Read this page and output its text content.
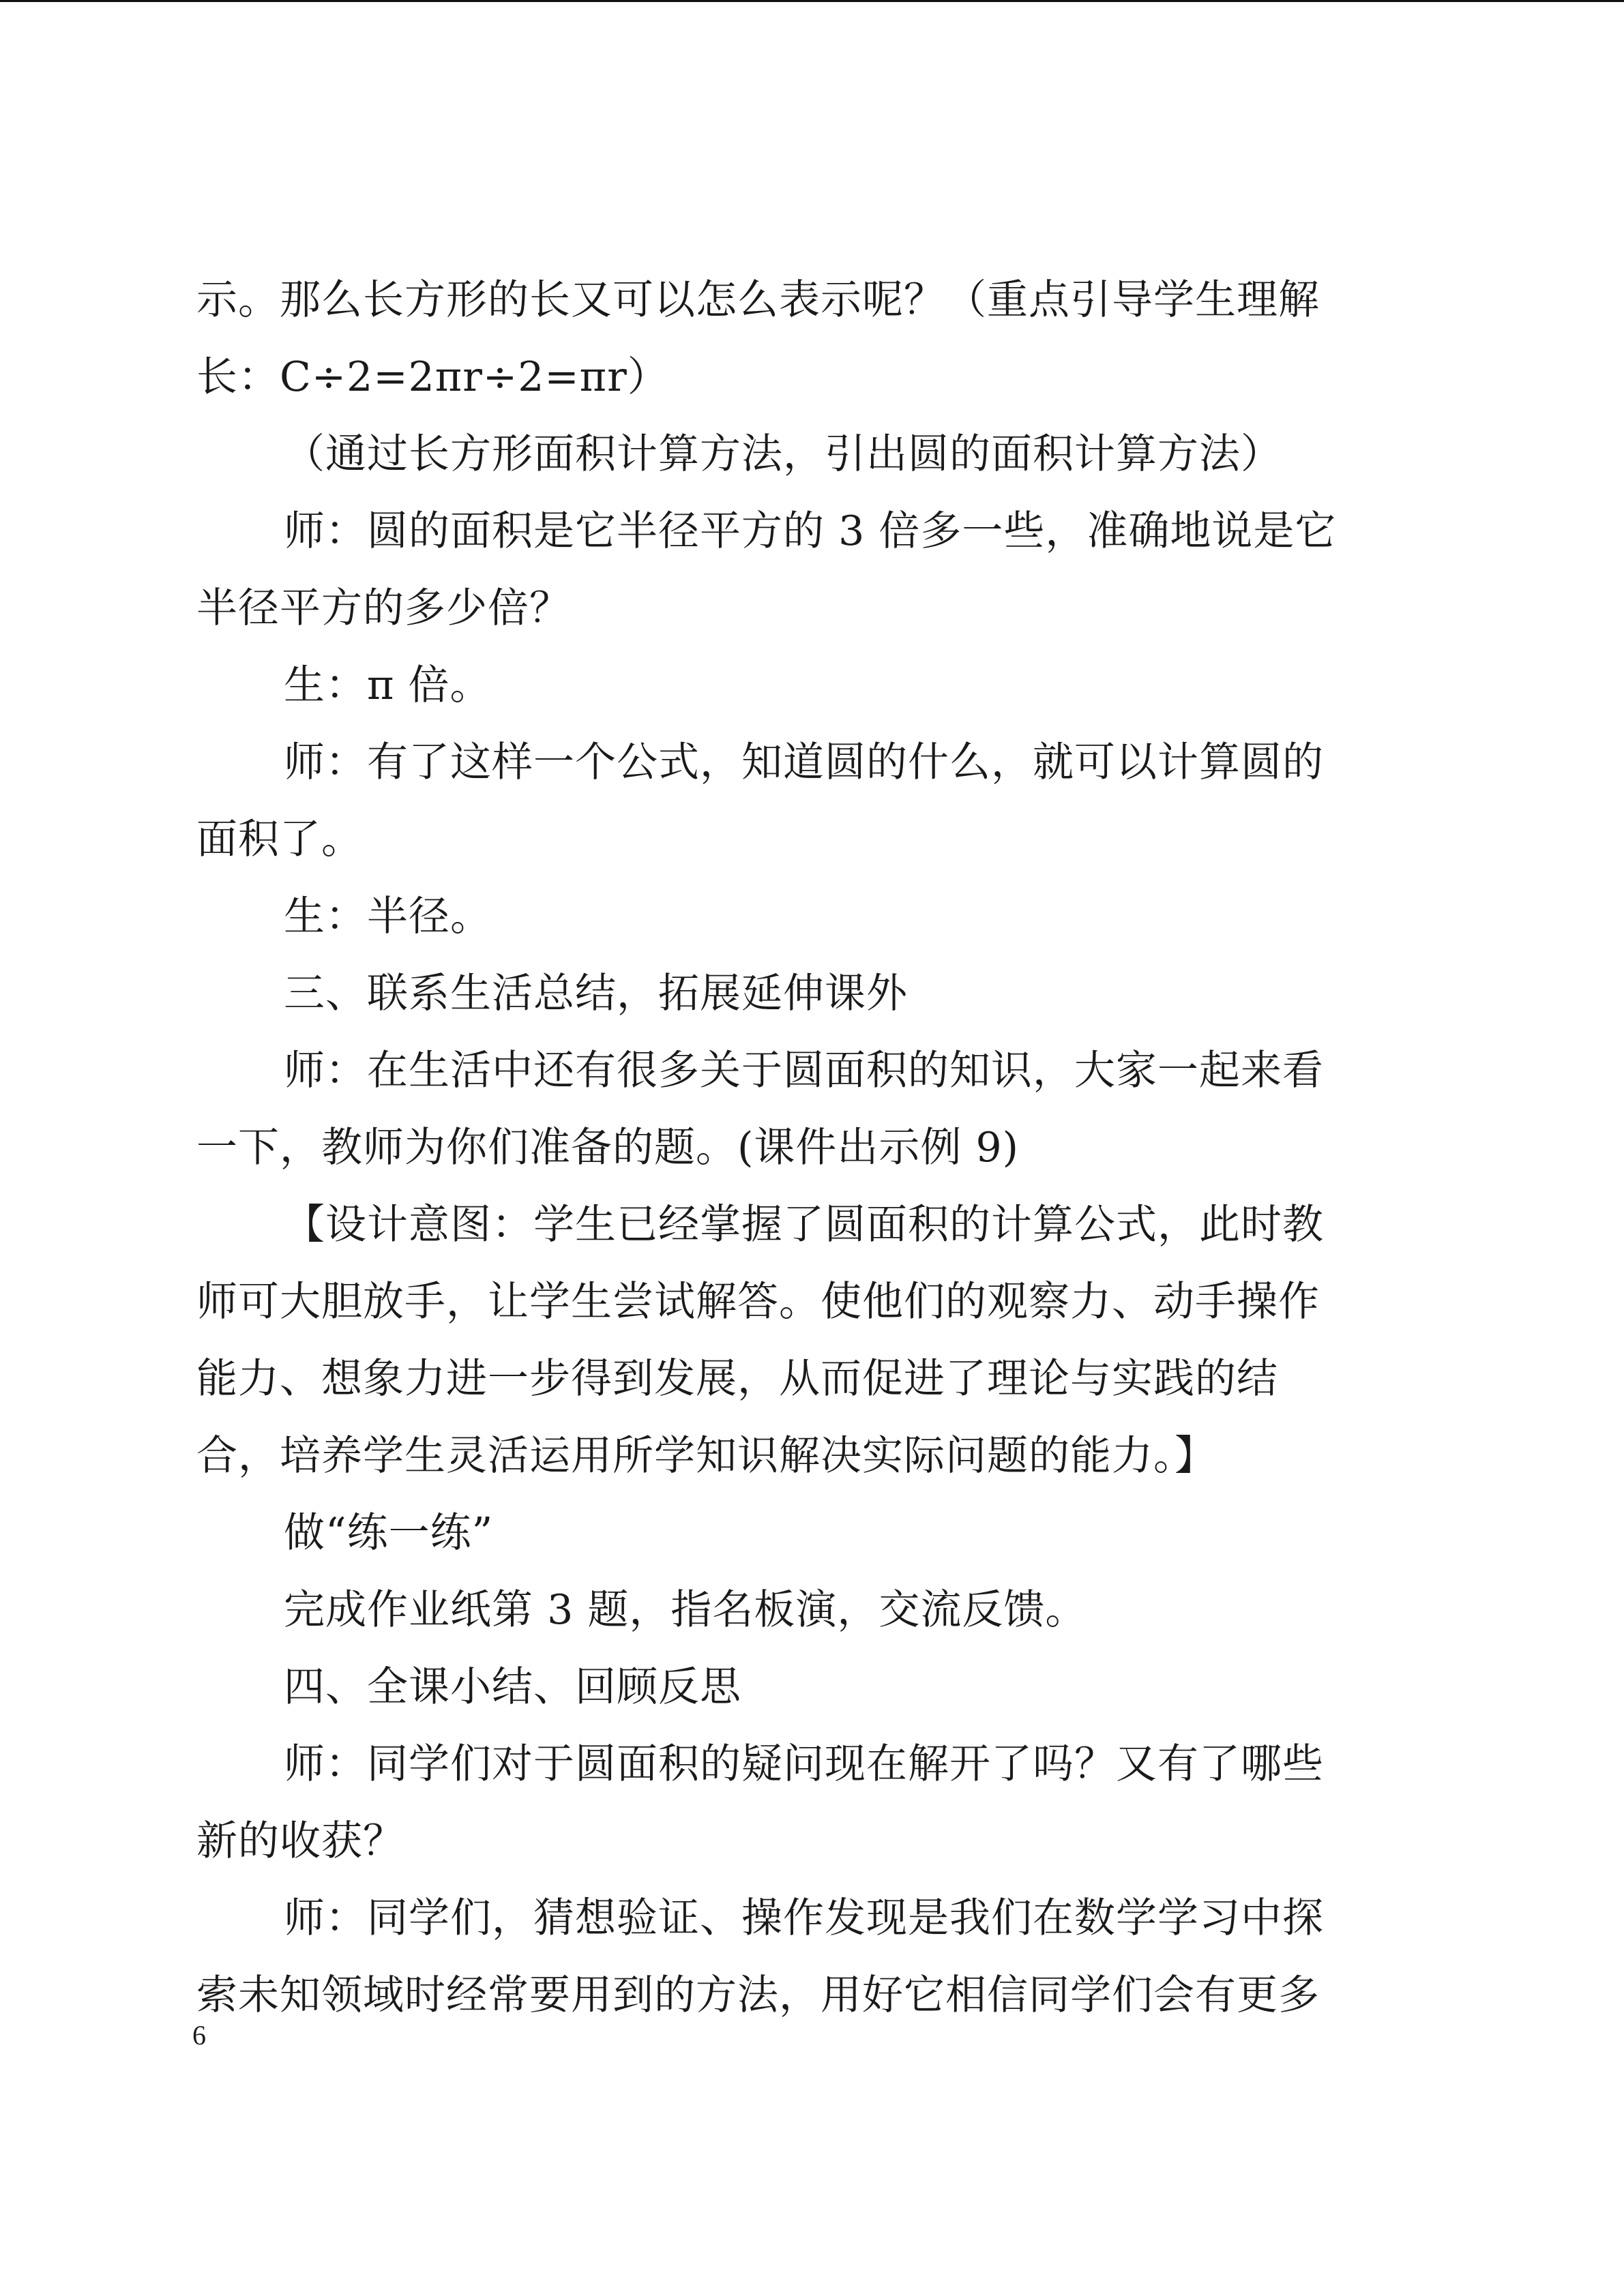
示。那么长方形的长又可以怎么表示呢？（重点引导学生理解
长：C÷2=2πr÷2=πr）
（通过长方形面积计算方法，引出圆的面积计算方法）
师：圆的面积是它半径平方的 3 倍多一些，准确地说是它
半径平方的多少倍？
生：π 倍。
师：有了这样一个公式，知道圆的什么，就可以计算圆的
面积了。
生：半径。
三、联系生活总结，拓展延伸课外
师：在生活中还有很多关于圆面积的知识，大家一起来看
一下，教师为你们准备的题。(课件出示例 9)
【设计意图：学生已经掌握了圆面积的计算公式，此时教
师可大胆放手，让学生尝试解答。使他们的观察力、动手操作
能力、想象力进一步得到发展，从而促进了理论与实践的结
合，培养学生灵活运用所学知识解决实际问题的能力。】
做“练一练”
完成作业纸第 3 题，指名板演，交流反馈。
四、全课小结、回顾反思
师：同学们对于圆面积的疑问现在解开了吗？又有了哪些
新的收获？
师：同学们，猜想验证、操作发现是我们在数学学习中探
索未知领域时经常要用到的方法，用好它相信同学们会有更多
6
